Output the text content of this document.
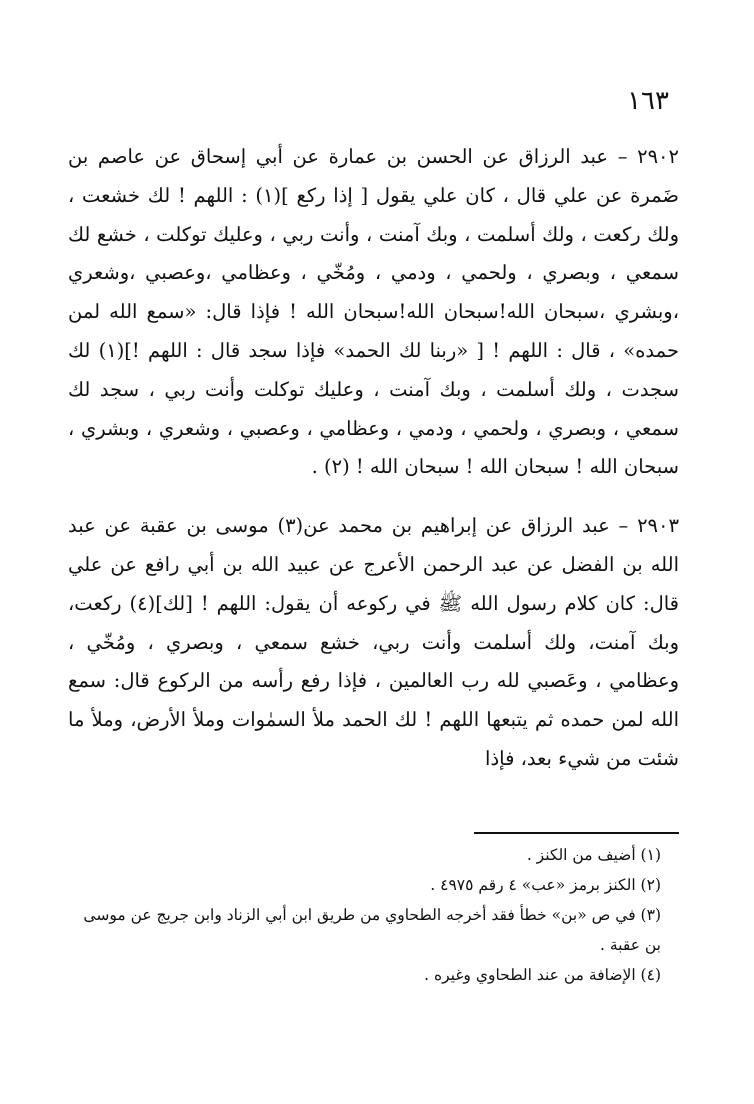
١٦٣

٢٩٠٢ – عبد الرزاق عن الحسن بن عمارة عن أبي إسحاق عن عاصم بن ضَمرة عن علي قال ، كان علي يقول [ إذا ركع ](١) : اللهم ! لك خشعت ، ولك ركعت ، ولك أسلمت ، وبك آمنت ، وأنت ربي ، وعليك توكلت ، خشع لك سمعي ، وبصري ، ولحمي ، ودمي ، ومُخّي ، وعظامي ،وعصبي ،وشعري ،وبشري ،سبحان الله!سبحان الله!سبحان الله ! فإذا قال: «سمع الله لمن حمده» ، قال : اللهم ! [ «ربنا لك الحمد» فإذا سجد قال : اللهم !](١) لك سجدت ، ولك أسلمت ، وبك آمنت ، وعليك توكلت وأنت ربي ، سجد لك سمعي ، وبصري ، ولحمي ، ودمي ، وعظامي ، وعصبي ، وشعري ، وبشري ، سبحان الله ! سبحان الله ! سبحان الله ! (٢) .

٢٩٠٣ – عبد الرزاق عن إبراهيم بن محمد عن(٣) موسى بن عقبة عن عبد الله بن الفضل عن عبد الرحمن الأعرج عن عبيد الله بن أبي رافع عن علي قال: كان كلام رسول الله ﷺ في ركوعه أن يقول: اللهم ! [لك](٤) ركعت، وبك آمنت، ولك أسلمت وأنت ربي، خشع سمعي ، وبصري ، ومُخّي ، وعظامي ، وعَصبي لله رب العالمين ، فإذا رفع رأسه من الركوع قال: سمع الله لمن حمده ثم يتبعها اللهم ! لك الحمد ملأ السمٰوات وملأ الأرض، وملأ ما شئت من شيء بعد، فإذا

(١) أضيف من الكنز .

(٢) الكنز برمز «عب» ٤ رقم ٤٩٧٥ .

(٣) في ص «بن» خطأ فقد أخرجه الطحاوي من طريق ابن أبي الزناد وابن جريج عن موسى بن عقبة .

(٤) الإضافة من عند الطحاوي وغيره .
